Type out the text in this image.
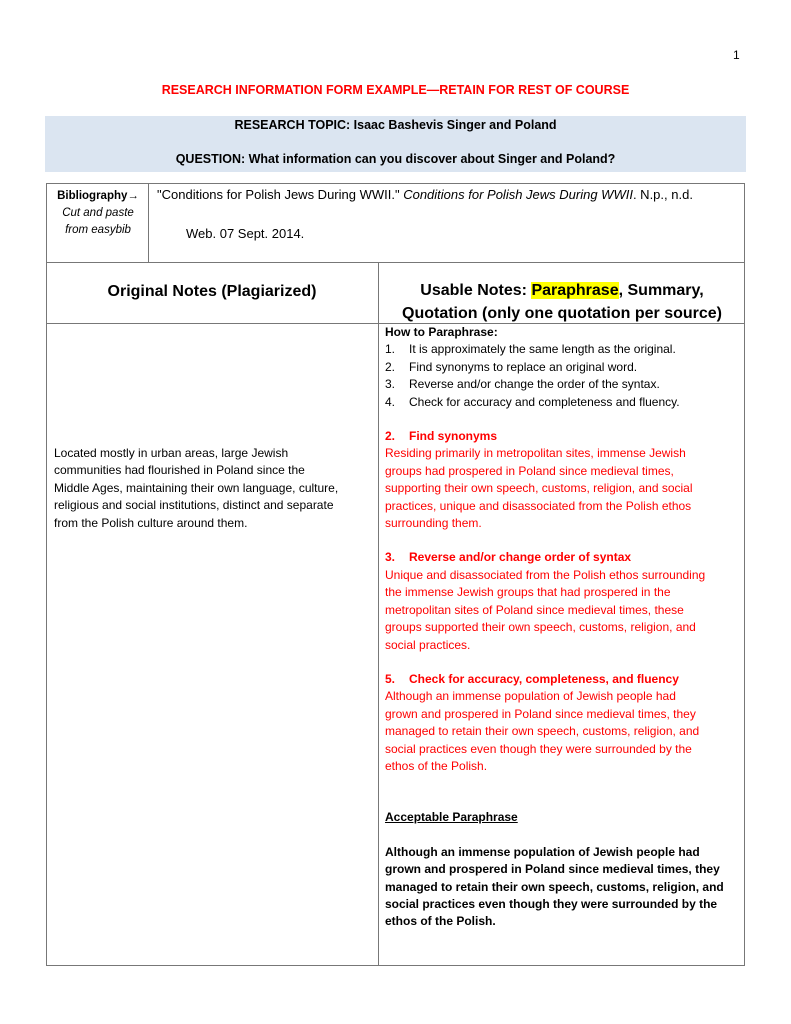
1
RESEARCH INFORMATION FORM EXAMPLE—RETAIN FOR REST OF COURSE
RESEARCH TOPIC: Isaac Bashevis Singer and Poland
QUESTION: What information can you discover about Singer and Poland?
Bibliography→
Cut and paste
from easybib
"Conditions for Polish Jews During WWII." Conditions for Polish Jews During WWII. N.p., n.d.
Web. 07 Sept. 2014.
Original Notes (Plagiarized)	Usable Notes: Paraphrase, Summary,
Quotation (only one quotation per source)
Located mostly in urban areas, large Jewish
communities had flourished in Poland since the
Middle Ages, maintaining their own language, culture,
religious and social institutions, distinct and separate
from the Polish culture around them.
How to Paraphrase:
1. It is approximately the same length as the original.
2. Find synonyms to replace an original word.
3. Reverse and/or change the order of the syntax.
4. Check for accuracy and completeness and fluency.
2. Find synonyms
Residing primarily in metropolitan sites, immense Jewish
groups had prospered in Poland since medieval times,
supporting their own speech, customs, religion, and social
practices, unique and disassociated from the Polish ethos
surrounding them.
3. Reverse and/or change order of syntax
Unique and disassociated from the Polish ethos surrounding
the immense Jewish groups that had prospered in the
metropolitan sites of Poland since medieval times, these
groups supported their own speech, customs, religion, and
social practices.
5. Check for accuracy, completeness, and fluency
Although an immense population of Jewish people had
grown and prospered in Poland since medieval times, they
managed to retain their own speech, customs, religion, and
social practices even though they were surrounded by the
ethos of the Polish.
Acceptable Paraphrase
Although an immense population of Jewish people had
grown and prospered in Poland since medieval times, they
managed to retain their own speech, customs, religion, and
social practices even though they were surrounded by the
ethos of the Polish.
